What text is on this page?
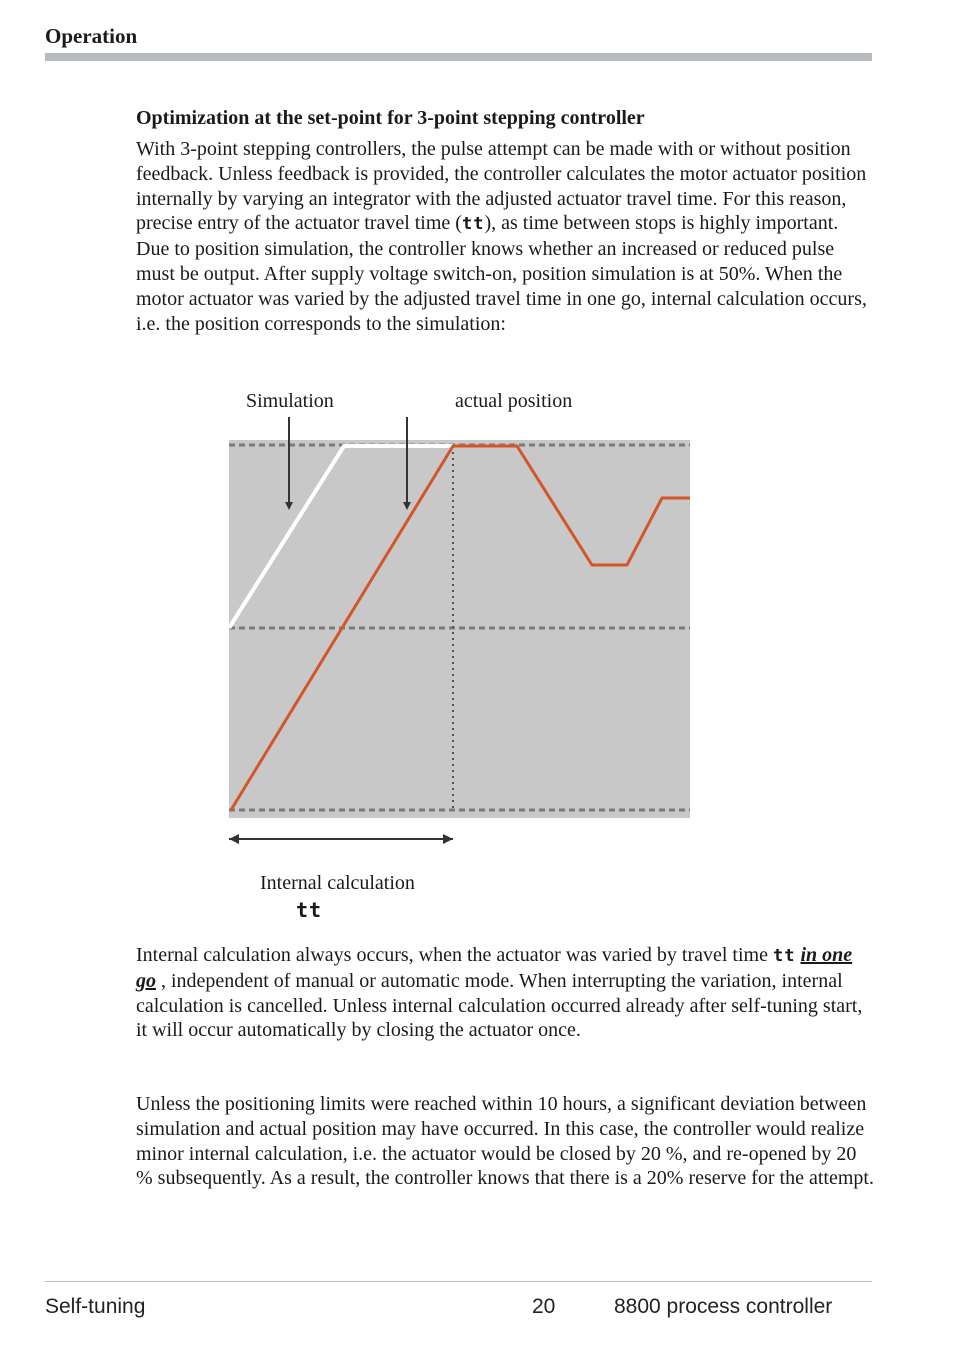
Operation
Optimization at the set-point for 3-point stepping controller

With 3-point stepping controllers, the pulse attempt can be made with or without position feedback. Unless feedback is provided, the controller calculates the motor actuator position internally by varying an integrator with the adjusted actuator travel time. For this reason, precise entry of the actuator travel time (tt), as time between stops is highly important. Due to position simulation, the controller knows whether an increased or reduced pulse must be output. After supply voltage switch-on, position simulation is at 50%. When the motor actuator was varied by the adjusted travel time in one go, internal calculation occurs, i.e. the position corresponds to the simulation:

Simulation	actual position
Internal calculation
tt

Internal calculation always occurs, when the actuator was varied by travel time tt in one go , independent of manual or automatic mode. When interrupting the variation, internal calculation is cancelled. Unless internal calculation occurred already after self-tuning start, it will occur automatically by closing the actuator once.

Unless the positioning limits were reached within 10 hours, a significant deviation between simulation and actual position may have occurred. In this case, the controller would realize minor internal calculation, i.e. the actuator would be closed by 20 %, and re-opened by 20 % subsequently. As a result, the controller knows that there is a 20% reserve for the attempt.

Self-tuning	20	8800 process controller
